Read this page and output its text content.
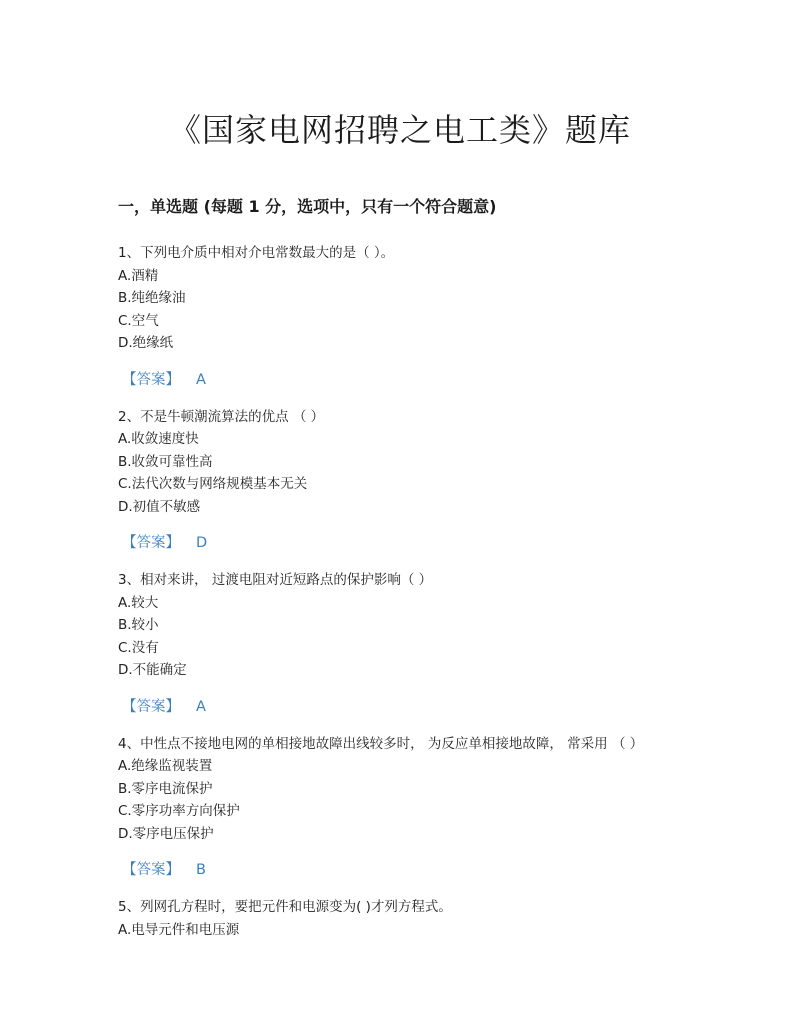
《国家电网招聘之电工类》题库
一，单选题 (每题 1 分，选项中，只有一个符合题意)
1、下列电介质中相对介电常数最大的是（ ）。
A.酒精
B.纯绝缘油
C.空气
D.绝缘纸
【答案】 A
2、不是牛顿潮流算法的优点 （ ）
A.收敛速度快
B.收敛可靠性高
C.法代次数与网络规模基本无关
D.初值不敏感
【答案】 D
3、相对来讲， 过渡电阻对近短路点的保护影响（ ）
A.较大
B.较小
C.没有
D.不能确定
【答案】 A
4、中性点不接地电网的单相接地故障出线较多时， 为反应单相接地故障， 常采用 （ ）
A.绝缘监视装置
B.零序电流保护
C.零序功率方向保护
D.零序电压保护
【答案】 B
5、列网孔方程时，要把元件和电源变为( )才列方程式。
A.电导元件和电压源
